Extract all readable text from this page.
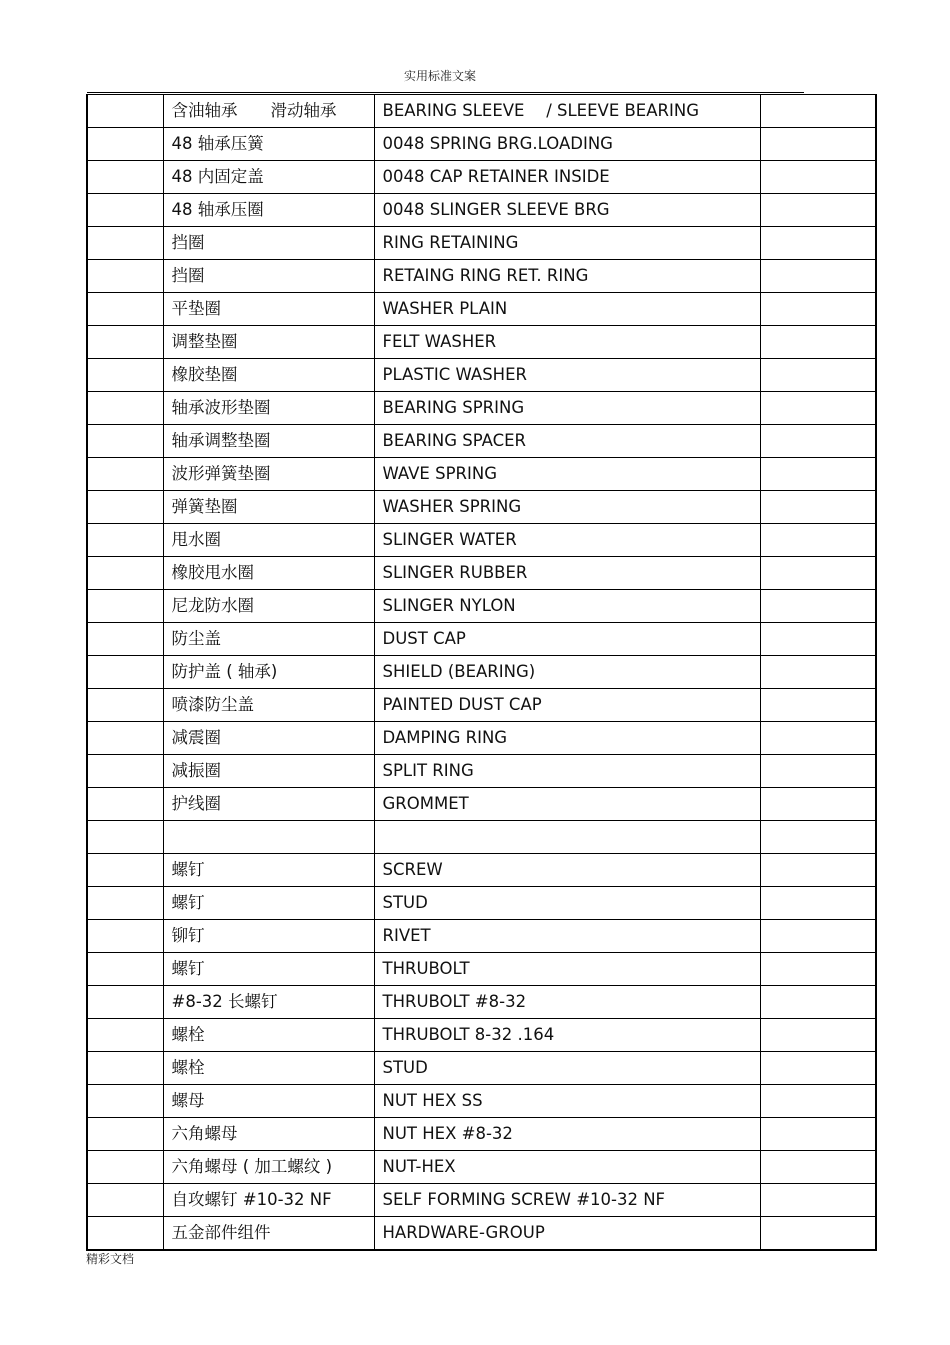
实用标准文案
	含油轴承　　滑动轴承	BEARING SLEEVE　 / SLEEVE BEARING	
	48 轴承压簧	0048 SPRING BRG.LOADING	
	48 内固定盖	0048 CAP RETAINER INSIDE	
	48 轴承压圈	0048 SLINGER SLEEVE BRG	
	挡圈	RING RETAINING	
	挡圈	RETAING RING RET. RING	
	平垫圈	WASHER PLAIN	
	调整垫圈	FELT WASHER	
	橡胶垫圈	PLASTIC WASHER	
	轴承波形垫圈	BEARING SPRING	
	轴承调整垫圈	BEARING SPACER	
	波形弹簧垫圈	WAVE SPRING	
	弹簧垫圈	WASHER SPRING	
	甩水圈	SLINGER WATER	
	橡胶甩水圈	SLINGER RUBBER	
	尼龙防水圈	SLINGER NYLON	
	防尘盖	DUST CAP	
	防护盖 ( 轴承)	SHIELD (BEARING)	
	喷漆防尘盖	PAINTED DUST CAP	
	减震圈	DAMPING RING	
	减振圈	SPLIT RING	
	护线圈	GROMMET	

	螺钉	SCREW	
	螺钉	STUD	
	铆钉	RIVET	
	螺钉	THRUBOLT	
	#8-32 长螺钉	THRUBOLT #8-32	
	螺栓	THRUBOLT 8-32 .164	
	螺栓	STUD	
	螺母	NUT HEX SS	
	六角螺母	NUT HEX #8-32	
	六角螺母 ( 加工螺纹 )	NUT-HEX	
	自攻螺钉 #10-32 NF	SELF FORMING SCREW #10-32 NF	
	五金部件组件	HARDWARE-GROUP	
精彩文档
